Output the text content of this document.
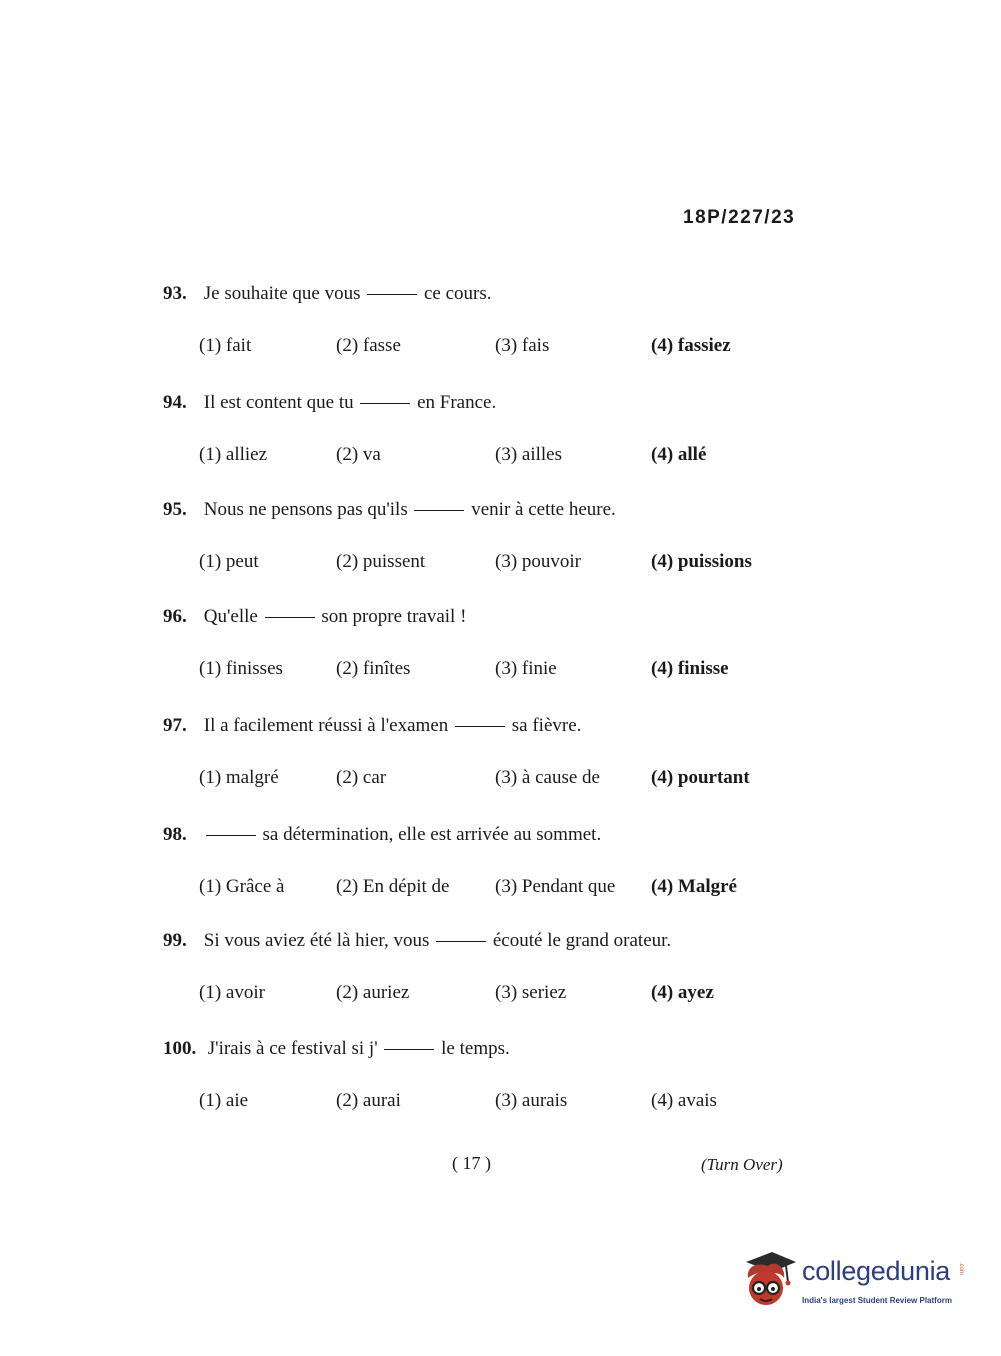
18P/227/23
93. Je souhaite que vous	ce cours.
(1) fait	(2) fasse	(3) fais	(4) fassiez
94. Il est content que tu	en France.
(1) alliez	(2) va	(3) ailles	(4) allé
95. Nous ne pensons pas qu'ils	venir à cette heure.
(1) peut	(2) puissent	(3) pouvoir	(4) puissions
96. Qu'elle	son propre travail !
(1) finisses	(2) finîtes	(3) finie	(4) finisse
97. Il a facilement réussi à l'examen	sa fièvre.
(1) malgré	(2) car	(3) à cause de	(4) pourtant
98.	sa détermination, elle est arrivée au sommet.
(1) Grâce à	(2) En dépit de (3) Pendant que (4) Malgré
99. Si vous aviez été là hier, vous	écouté le grand orateur.
(1) avoir	(2) auriez	(3) seriez	(4) ayez
100. J'irais à ce festival si j'	le temps.
(1) aie	(2) aurai	(3) aurais	(4) avais
( 17 )	(Turn Over)
collegedunia .com
India's largest Student Review Platform
